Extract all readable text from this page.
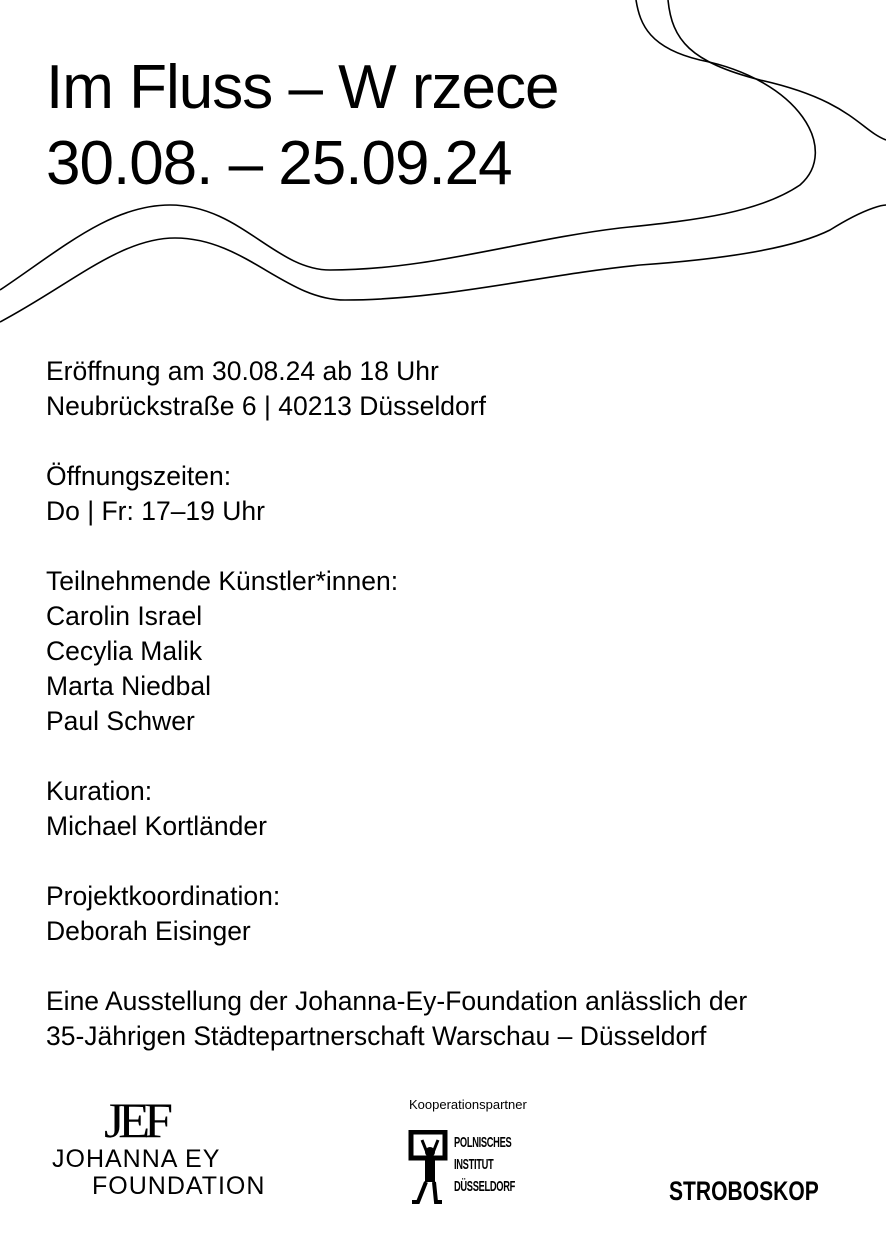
Im Fluss – W rzece
30.08. – 25.09.24

Eröffnung am 30.08.24 ab 18 Uhr
Neubrückstraße 6 | 40213 Düsseldorf

Öffnungszeiten:
Do | Fr: 17–19 Uhr

Teilnehmende Künstler*innen:
Carolin Israel
Cecylia Malik
Marta Niedbal
Paul Schwer

Kuration:
Michael Kortländer

Projektkoordination:
Deborah Eisinger

Eine Ausstellung der Johanna-Ey-Foundation anlässlich der
35-Jährigen Städtepartnerschaft Warschau – Düsseldorf

JEF
JOHANNA EY
FOUNDATION
Kooperationspartner
POLNISCHES
INSTITUT
DÜSSELDORF	STROBOSKOP
